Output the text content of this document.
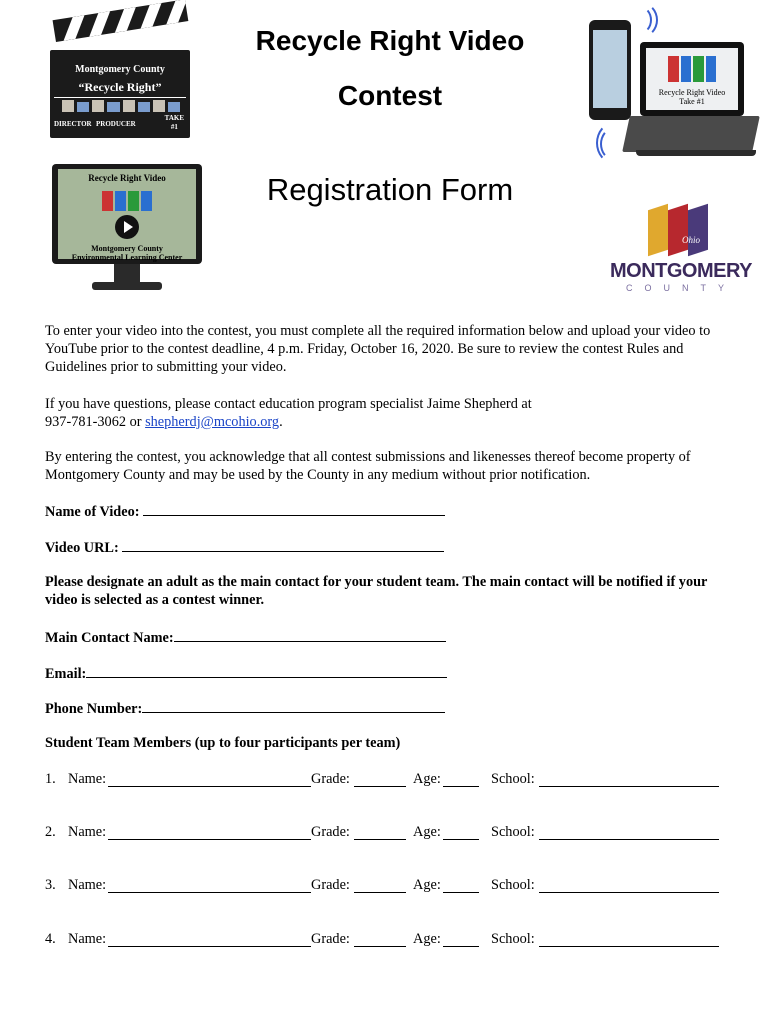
Montgomery County
“Recycle Right”
DIRECTOR PRODUCER
TAKE
#1
Recycle Right Video
Contest
Registration Form
Recycle Right Video
Take #1
Recycle Right Video
Montgomery County
Environmental Learning Center
Ohio
MONTGOMERY
COUNTY
To enter your video into the contest, you must complete all the required information below and upload your video to YouTube prior to the contest deadline, 4 p.m. Friday, October 16, 2020. Be sure to review the contest Rules and Guidelines prior to submitting your video.
If you have questions, please contact education program specialist Jaime Shepherd at
937-781-3062 or shepherdj@mcohio.org.
By entering the contest, you acknowledge that all contest submissions and likenesses thereof become property of Montgomery County and may be used by the County in any medium without prior notification.
Name of Video:
Video URL:
Please designate an adult as the main contact for your student team. The main contact will be notified if your video is selected as a contest winner.
Main Contact Name:
Email:
Phone Number:
Student Team Members (up to four participants per team)
1. Name:	Grade:	Age:	School:
2. Name:	Grade:	Age:	School:
3. Name:	Grade:	Age:	School:
4. Name:	Grade:	Age:	School:
